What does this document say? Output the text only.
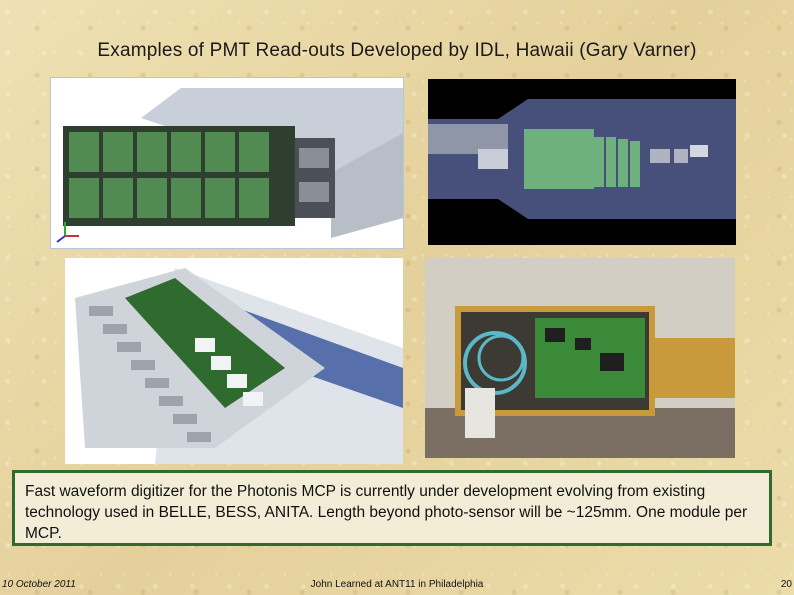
Examples of PMT Read-outs Developed by IDL, Hawaii (Gary Varner)
Fast waveform digitizer for the Photonis MCP is currently under development evolving from existing technology used in BELLE, BESS, ANITA. Length beyond photo-sensor will be ~125mm. One module per MCP.
10 October 2011	John Learned at ANT11 in Philadelphia	20
